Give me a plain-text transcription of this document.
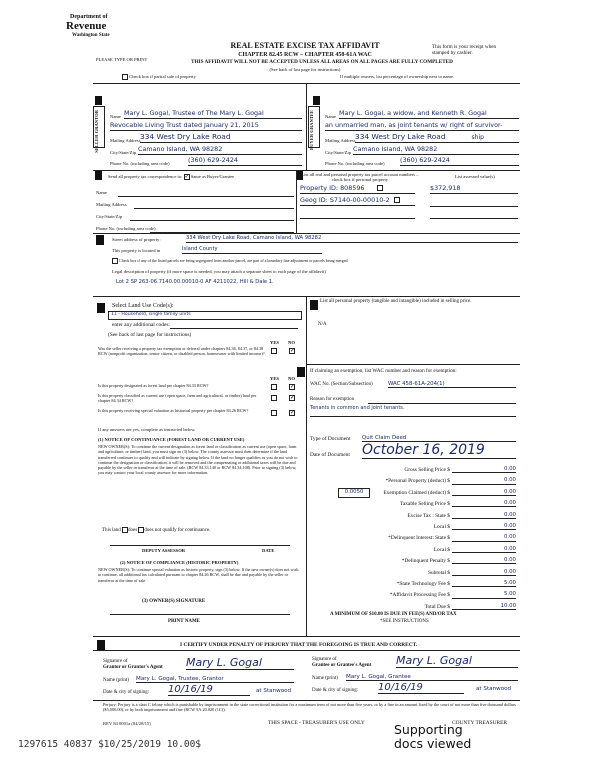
Department of
Revenue
Washington State
PLEASE TYPE OR PRINT
REAL ESTATE EXCISE TAX AFFIDAVIT
CHAPTER 82.45 RCW – CHAPTER 458-61A WAC
THIS AFFIDAVIT WILL NOT BE ACCEPTED UNLESS ALL AREAS ON ALL PAGES ARE FULLY COMPLETED
(See back of last page for instructions)
This form is your receipt when stamped by cashier.
Check box if partial sale of property	If multiple owners, list percentage of ownership next to name.
SELLER GRANTOR	Name Mary L. Gogal, Trustee of The Mary L. Gogal
Revocable Living Trust dated January 21, 2015
Mailing Address 334 West Dry Lake Road
City/State/Zip Camano Island, WA 98282
Phone No. (including area code)	(360) 629-2424
BUYER GRANTEE	Name Mary L. Gogal, a widow, and Kenneth R. Gogal
an unmarried man, as joint tenants w/ right of survivor-
Mailing Address 334 West Dry Lake Road	ship
City/State/Zip Camano Island, WA 98282
Phone No. (including area code) (360) 629-2424
Send all property tax correspondence to: ✓ Same as Buyer/Grantee
Name
Mailing Address
City/State/Zip
Phone No. (including area code)
List all real and personal property tax parcel account numbers – check box if personal property
List assessed value(s)
Property ID: 808596	$372,918
Geog ID: S7140-00-00010-2
Street address of property:	334 West Dry Lake Road, Camano Island, WA 98282
This property is located in	Island County
Check box if any of the listed parcels are being segregated from another parcel, are part of a boundary line adjustment or parcels being merged.
Legal description of property (if more space is needed, you may attach a separate sheet to each page of the affidavit)
Lot 2 SP 263-06.7140.00.00010-0 AF 4211022, Hill & Dale 1.
Select Land Use Code(s):
11 - Household, single family units
enter any additional codes:
(See back of last page for instructions)
YES NO
Was the seller receiving a property tax exemption or deferral under chapters 84.36, 84.37, or 84.38 RCW (nonprofit organization, senior citizen, or disabled person, homeowner with limited income)?
✓
YES NO
Is this property designated as forest land per chapter 84.33 RCW?
✓
Is this property classified as current use (open space, farm and agricultural, or timber) land per chapter 84.34 RCW?
✓
Is this property receiving special valuation as historical property per chapter 84.26 RCW?
✓
If any answers are yes, complete as instructed below.
(1) NOTICE OF CONTINUANCE (FOREST LAND OR CURRENT USE)
NEW OWNER(S): To continue the current designation as forest land or classification as current use (open space, farm and agriculture, or timber) land, you must sign on (3) below. The county assessor must then determine if the land transferred continues to qualify and will indicate by signing below. If the land no longer qualifies or you do not wish to continue the designation or classification, it will be removed and the compensating or additional taxes will be due and payable by the seller or transferor at the time of sale. (RCW 84.33.140 or RCW 84.34.108). Prior to signing (3) below, you may contact your local county assessor for more information.
This land does does not qualify for continuance.
DEPUTY ASSESSOR	DATE
(2) NOTICE OF COMPLIANCE (HISTORIC PROPERTY)
NEW OWNER(S): To continue special valuation as historic property, sign (3) below. If the new owner(s) does not wish to continue, all additional tax calculated pursuant to chapter 84.26 RCW, shall be due and payable by the seller or transferor at the time of sale.
(3) OWNER(S) SIGNATURE
PRINT NAME
List all personal property (tangible and intangible) included in selling price.
N/A
If claiming an exemption, list WAC number and reason for exemption:
WAC No. (Section/Subsection)	WAC 458-61A-204(1)
Reason for exemption
Tenants in common and joint tenants.
Type of Document Quit Claim Deed
Date of Document October 16, 2019
Gross Selling Price $	0.00
*Personal Property (deduct) $	0.00
Exemption Claimed (deduct) $	0.00
Taxable Selling Price $	0.00
Excise Tax : State $	0.00
Local $	0.00
*Delinquent Interest: State $	0.00
Local $	0.00
*Delinquent Penalty $	0.00
Subtotal $	0.00
*State Technology Fee $	5.00
*Affidavit Processing Fee $	5.00
Total Due $	10.00
0.0050
A MINIMUM OF $10.00 IS DUE IN FEE(S) AND/OR TAX
*SEE INSTRUCTIONS
I CERTIFY UNDER PENALTY OF PERJURY THAT THE FOREGOING IS TRUE AND CORRECT.
Signature of
Grantor or Grantor's Agent Mary L. Gogal
Name (print) Mary L. Gogal, Trustee, Grantor
Date & city of signing: 10/16/19	at Stanwood
Signature of
Grantee or Grantee's Agent Mary L. Gogal
Name (print) Mary L. Gogal, Grantee
Date & city of signing: 10/16/19	at Stanwood
Perjury: Perjury is a class C felony which is punishable by imprisonment in the state correctional institution for a maximum term of not more than five years, or by a fine in an amount fixed by the court of not more than five thousand dollars ($5,000.00), or by both imprisonment and fine (RCW 9A.20.020 (1C)).
REV 84 0001a (04/28/15)	THIS SPACE - TREASURER'S USE ONLY	COUNTY TREASURER
1297615 40837 $10/25/2019 10.00$
Supporting
docs viewed
